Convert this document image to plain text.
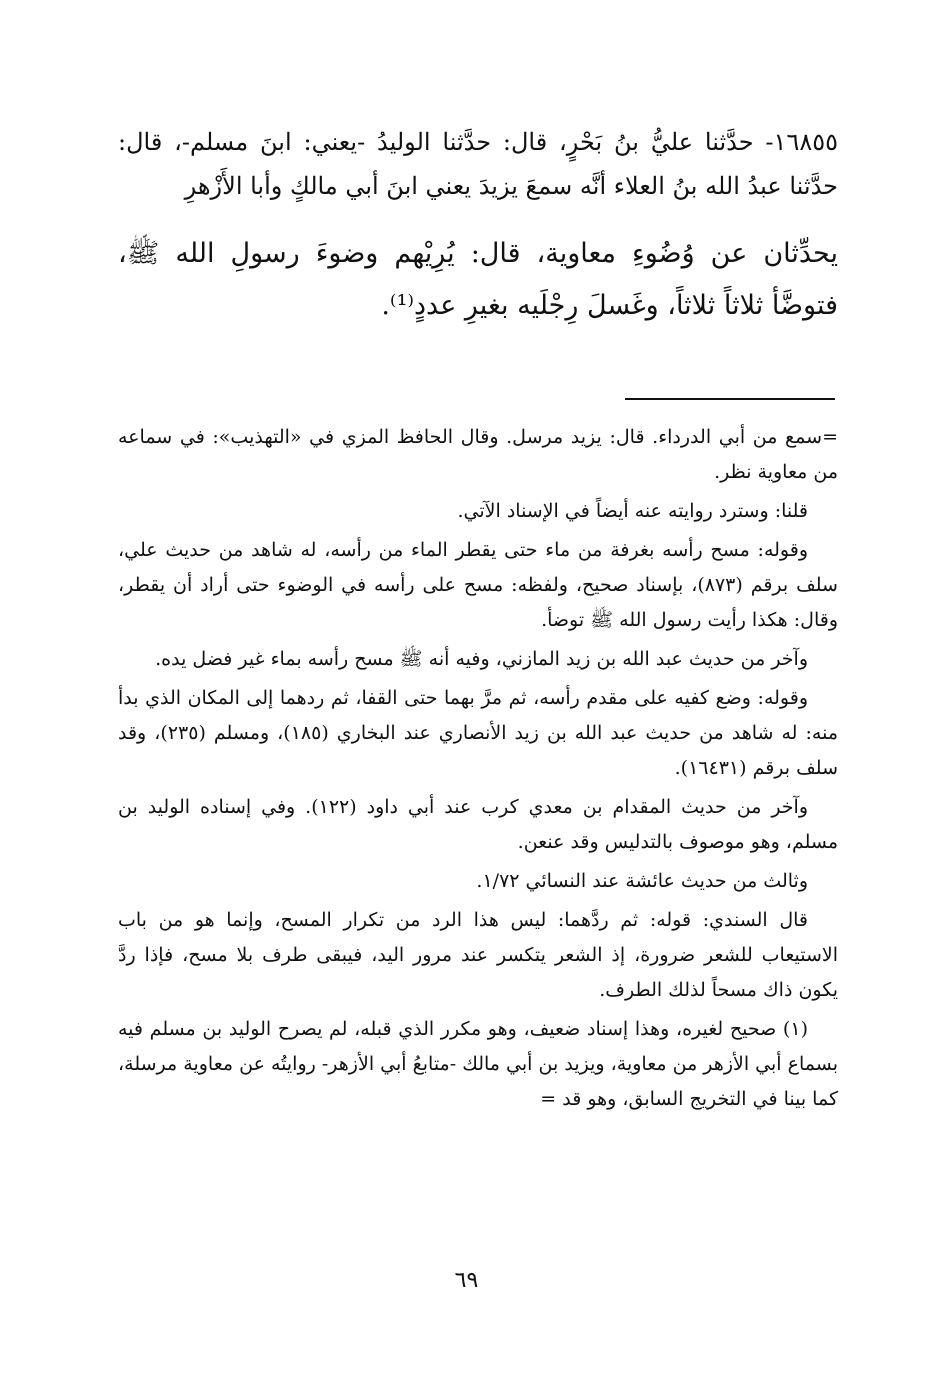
١٦٨٥٥- حدَّثنا عليُّ بنُ بَحْرٍ، قال: حدَّثنا الوليدُ -يعني: ابنَ مسلم-، قال: حدَّثنا عبدُ الله بنُ العلاء أنَّه سمعَ يزيدَ يعني ابنَ أبي مالكٍ وأبا الأَزْهرِ

يحدِّثان عن وُضُوءِ معاوية، قال: يُرِيْهم وضوءَ رسولِ الله ﷺ، فتوضَّأ ثلاثاً ثلاثاً، وغَسلَ رِجْلَيه بغيرِ عددٍ⁽¹⁾.

=سمع من أبي الدرداء. قال: يزيد مرسل. وقال الحافظ المزي في «التهذيب»: في سماعه من معاوية نظر.

قلنا: وسترد روايته عنه أيضاً في الإسناد الآتي.

وقوله: مسح رأسه بغرفة من ماء حتى يقطر الماء من رأسه، له شاهد من حديث علي، سلف برقم (٨٧٣)، بإسناد صحيح، ولفظه: مسح على رأسه في الوضوء حتى أراد أن يقطر، وقال: هكذا رأيت رسول الله ﷺ توضأ.

وآخر من حديث عبد الله بن زيد المازني، وفيه أنه ﷺ مسح رأسه بماء غير فضل يده.

وقوله: وضع كفيه على مقدم رأسه، ثم مرَّ بهما حتى القفا، ثم ردهما إلى المكان الذي بدأ منه: له شاهد من حديث عبد الله بن زيد الأنصاري عند البخاري (١٨٥)، ومسلم (٢٣٥)، وقد سلف برقم (١٦٤٣١).

وآخر من حديث المقدام بن معدي كرب عند أبي داود (١٢٢). وفي إسناده الوليد بن مسلم، وهو موصوف بالتدليس وقد عنعن.

وثالث من حديث عائشة عند النسائي ١/٧٢.

قال السندي: قوله: ثم ردَّهما: ليس هذا الرد من تكرار المسح، وإنما هو من باب الاستيعاب للشعر ضرورة، إذ الشعر يتكسر عند مرور اليد، فيبقى طرف بلا مسح، فإذا ردَّ يكون ذاك مسحاً لذلك الطرف.

(١) صحيح لغيره، وهذا إسناد ضعيف، وهو مكرر الذي قبله، لم يصرح الوليد بن مسلم فيه بسماع أبي الأزهر من معاوية، ويزيد بن أبي مالك -متابعُ أبي الأزهر- روايتُه عن معاوية مرسلة، كما بينا في التخريج السابق، وهو قد =

٦٩
